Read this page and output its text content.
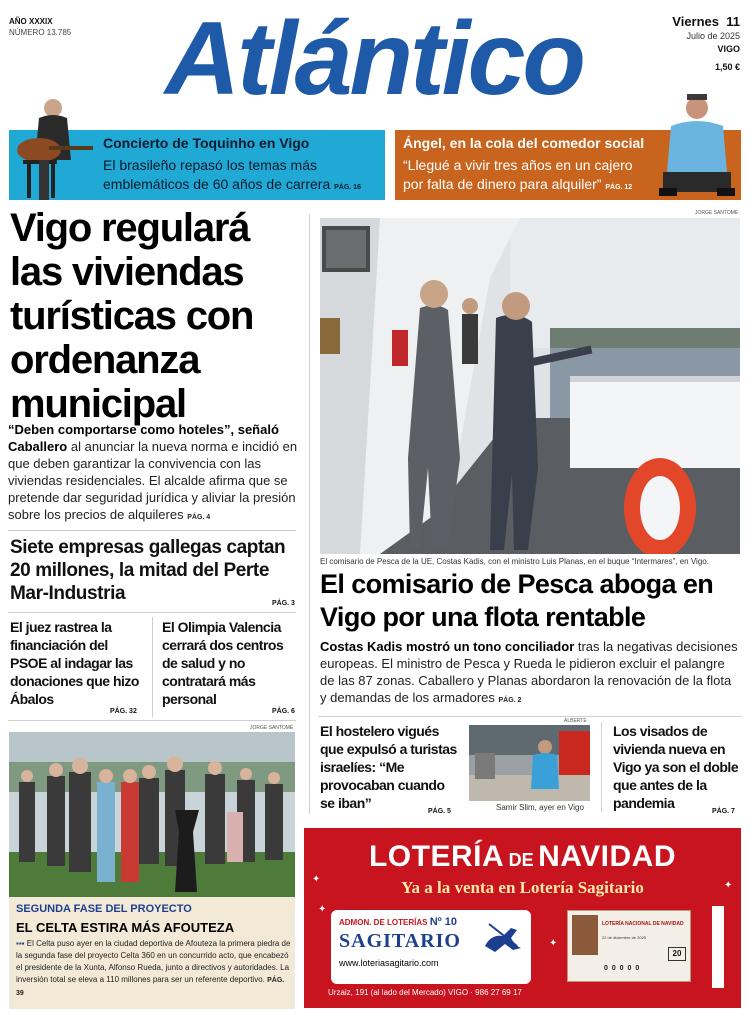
AÑO XXXIX
NÚMERO 13.785 Atlántico	Viernes 11
Julio de 2025
VIGO
1,50 €
Concierto de Toquinho en Vigo
El brasileño repasó los temas más emblemáticos de 60 años de carrera PÁG. 16
Ángel, en la cola del comedor social
“Llegué a vivir tres años en un cajero por falta de dinero para alquiler” PÁG. 12
Vigo regulará las viviendas turísticas con ordenanza municipal
“Deben comportarse como hoteles”, señaló Caballero al anunciar la nueva norma e incidió en que deben garantizar la convivencia con las viviendas residenciales. El alcalde afirma que se pretende dar seguridad jurídica y aliviar la presión sobre los precios de alquileres PÁG. 4
Siete empresas gallegas captan 20 millones, la mitad del Perte Mar-Industria	PÁG. 3
El juez rastrea la financiación del PSOE al indagar las donaciones que hizo Ábalos
PÁG. 32
El Olimpia Valencia cerrará dos centros de salud y no contratará más personal
PÁG. 6
JORGE SANTOMÉ
SEGUNDA FASE DEL PROYECTO
EL CELTA ESTIRA MÁS AFOUTEZA
▪▪▪ El Celta puso ayer en la ciudad deportiva de Afouteza la primera piedra de la segunda fase del proyecto Celta 360 en un concurrido acto, que encabezó el presidente de la Xunta, Alfonso Rueda, junto a directivos y autoridades. La inversión total se eleva a 110 millones para ser un referente deportivo. PÁG. 39
JORGE SANTOMÉ
El comisario de Pesca de la UE, Costas Kadis, con el ministro Luis Planas, en el buque “Intermares”, en Vigo.
El comisario de Pesca aboga en Vigo por una flota rentable
Costas Kadis mostró un tono conciliador tras la negativas decisiones europeas. El ministro de Pesca y Rueda le pidieron excluir el palangre de las 87 zonas. Caballero y Planas abordaron la renovación de la flota y demandas de los armadores PÁG. 2
El hostelero vigués que expulsó a turistas israelíes: “Me provocaban cuando se iban”
PÁG. 5
ALBERTE
Samir Slim, ayer en Vigo
Los visados de vivienda nueva en Vigo ya son el doble que antes de la pandemia
PÁG. 7
LOTERÍA DE NAVIDAD
Ya a la venta en Lotería Sagitario
✦
✦
✦
✦
ADMON. DE LOTERÍAS Nº 10
SAGITARIO
www.loteriasagitario.com
Urzaiz, 191 (al lado del Mercado) VIGO · 986 27 69 17
LOTERÍA NACIONAL DE NAVIDAD
22 de diciembre de 2025
20
0 0 0 0 0
